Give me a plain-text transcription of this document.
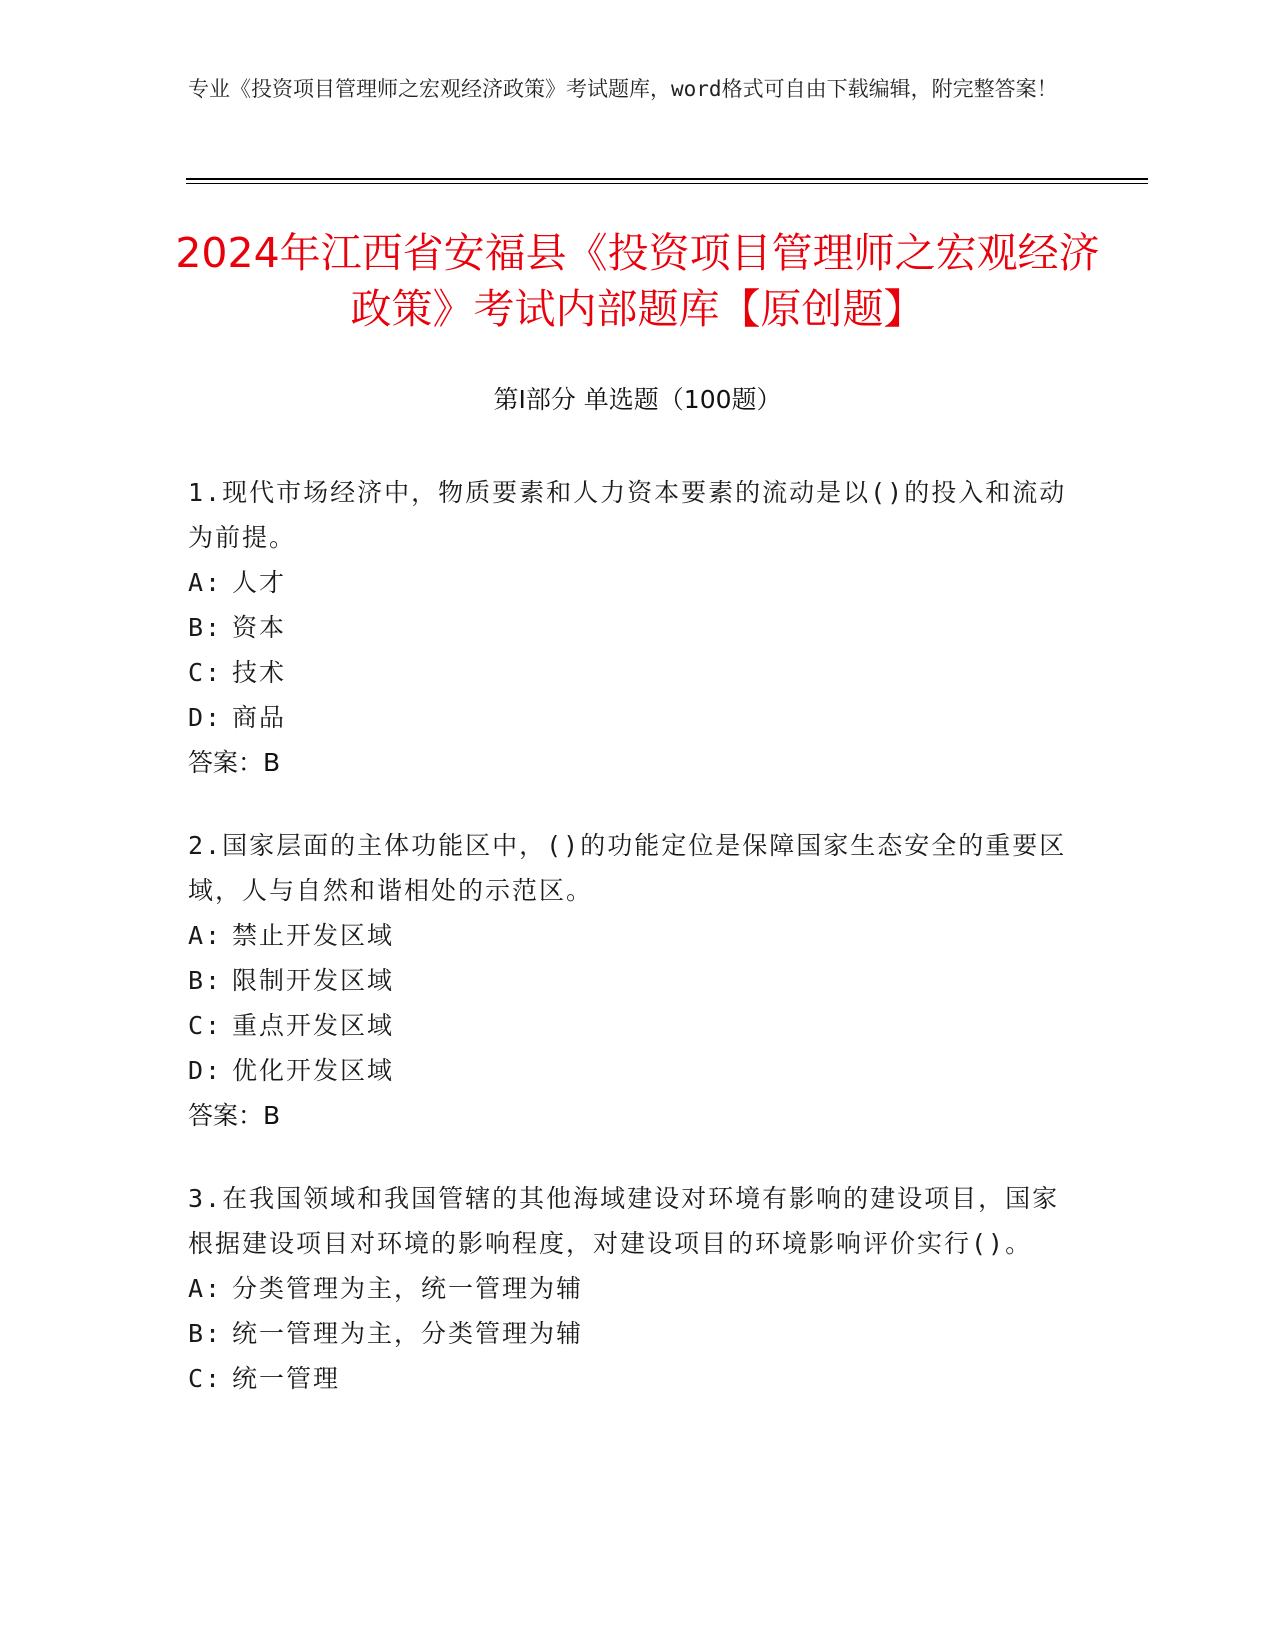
专业《投资项目管理师之宏观经济政策》考试题库，word格式可自由下载编辑，附完整答案！
2024年江西省安福县《投资项目管理师之宏观经济政策》考试内部题库【原创题】
第Ⅰ部分 单选题（100题）
1.现代市场经济中，物质要素和人力资本要素的流动是以()的投入和流动为前提。
A: 人才
B: 资本
C: 技术
D: 商品
答案：B
2.国家层面的主体功能区中，()的功能定位是保障国家生态安全的重要区域，人与自然和谐相处的示范区。
A: 禁止开发区域
B: 限制开发区域
C: 重点开发区域
D: 优化开发区域
答案：B
3.在我国领域和我国管辖的其他海域建设对环境有影响的建设项目，国家根据建设项目对环境的影响程度，对建设项目的环境影响评价实行()。
A: 分类管理为主，统一管理为辅
B: 统一管理为主，分类管理为辅
C: 统一管理
